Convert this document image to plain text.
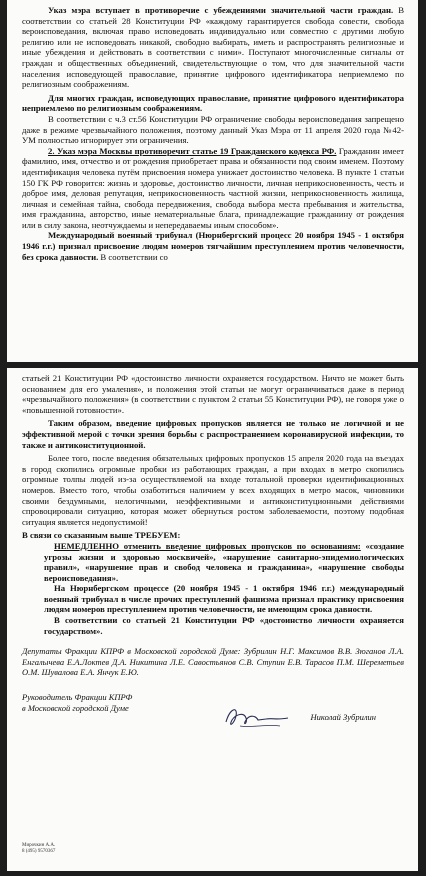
Указ мэра вступает в противоречие с убеждениями значительной части граждан. В соответствии со статьей 28 Конституции РФ «каждому гарантируется свобода совести, свобода вероисповедания, включая право исповедовать индивидуально или совместно с другими любую религию или не исповедовать никакой, свободно выбирать, иметь и распространять религиозные и иные убеждения и действовать в соответствии с ними». Поступают многочисленные сигналы от граждан и общественных объединений, свидетельствующие о том, что для значительной части населения исповедующей православие, принятие цифрового идентификатора неприемлемо по религиозным соображениям.

Для многих граждан, исповедующих православие, принятие цифрового идентификатора неприемлемо по религиозным соображениям.

В соответствии с ч.3 ст.56 Конституции РФ ограничение свободы вероисповедания запрещено даже в режиме чрезвычайного положения, поэтому данный Указ Мэра от 11 апреля 2020 года №42-УМ полностью игнорирует эти ограничения.

2. Указ мэра Москвы противоречит статье 19 Гражданского кодекса РФ. Гражданин имеет фамилию, имя, отчество и от рождения приобретает права и обязанности под своим именем. Поэтому идентификация человека путём присвоения номера унижает достоинство человека. В пункте 1 статьи 150 ГК РФ говорится: жизнь и здоровье, достоинство личности, личная неприкосновенность, честь и доброе имя, деловая репутация, неприкосновенность частной жизни, неприкосновенность жилища, личная и семейная тайна, свобода передвижения, свобода выбора места пребывания и жительства, имя гражданина, авторство, иные нематериальные блага, принадлежащие гражданину от рождения или в силу закона, неотчуждаемы и непередаваемы иным способом».

Международный военный трибунал (Нюрнбергский процесс 20 ноября 1945 - 1 октября 1946 г.г.) признал присвоение людям номеров тягчайшим преступлением против человечности, без срока давности. В соответствии со

статьей 21 Конституции РФ «достоинство личности охраняется государством. Ничто не может быть основанием для его умаления», и положения этой статьи не могут ограничиваться даже в период «чрезвычайного положения» (в соответствии с пунктом 2 статьи 55 Конституции РФ), не говоря уже о «повышенной готовности».

Таким образом, введение цифровых пропусков является не только не логичной и не эффективной мерой с точки зрения борьбы с распространением коронавирусной инфекции, то также и антиконституционной.

Более того, после введения обязательных цифровых пропусков 15 апреля 2020 года на въездах в город скопились огромные пробки из работающих граждан, а при входах в метро скопились огромные толпы людей из-за осуществляемой на входе тотальной проверки идентификационных номеров. Вместо того, чтобы озаботиться наличием у всех входящих в метро масок, чиновники своими бездумными, нелогичными, неэффективными и антиконституционными действиями спровоцировали ситуацию, которая может обернуться ростом заболеваемости, поэтому подобная ситуация является недопустимой!

В связи со сказанным выше ТРЕБУЕМ:

НЕМЕДЛЕННО отменить введение цифровых пропусков по основаниям: «создание угрозы жизни и здоровью москвичей», «нарушение санитарно-эпидемиологических правил», «нарушение прав и свобод человека и гражданина», «нарушение свободы вероисповедания».

На Нюрнбергском процессе (20 ноября 1945 - 1 октября 1946 г.г.) международный военный трибунал в числе прочих преступлений фашизма признал практику присвоения людям номеров преступлением против человечности, не имеющим срока давности.

В соответствии со статьей 21 Конституции РФ «достоинство личности охраняется государством».

Депутаты Фракции КПРФ в Московской городской Думе: Зубрилин Н.Г. Максимов В.В. Зюганов Л.А. Енгалычева Е.А.Локтев Д.А. Никитина Л.Е. Савостьянов С.В. Ступин Е.В. Тарасов П.М. Шереметьев О.М. Шувалова Е.А. Янчук Е.Ю.

Руководитель Фракции КПРФ
в Московской городской Думе
Николай Зубрилин
Мирочкин А.А.
8 (495) 9570367
